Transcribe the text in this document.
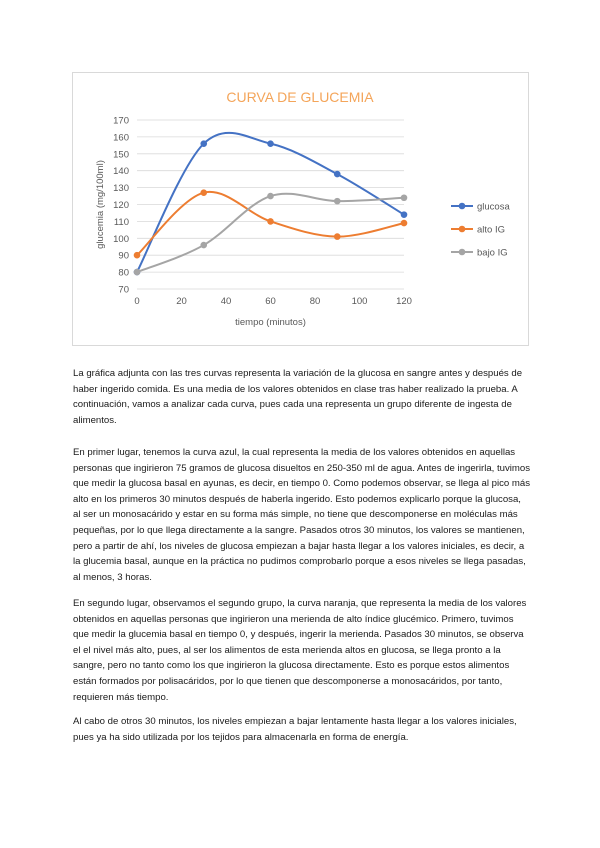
CURVA DE GLUCEMIA
70
80
90
100
110
120
130
140
150
160
170
0	20	40	60	80	100	120
tiempo (minutos)
glucemia (mg/100ml)	glucosa
alto IG
bajo IG

La gráfica adjunta con las tres curvas representa la variación de la glucosa en sangre antes y después de haber ingerido comida. Es una media de los valores obtenidos en clase tras haber realizado la prueba. A continuación, vamos a analizar cada curva, pues cada una representa un grupo diferente de ingesta de alimentos.

En primer lugar, tenemos la curva azul, la cual representa la media de los valores obtenidos en aquellas personas que ingirieron 75 gramos de glucosa disueltos en 250-350 ml de agua. Antes de ingerirla, tuvimos que medir la glucosa basal en ayunas, es decir, en tiempo 0. Como podemos observar, se llega al pico más alto en los primeros 30 minutos después de haberla ingerido. Esto podemos explicarlo porque la glucosa, al ser un monosacárido y estar en su forma más simple, no tiene que descomponerse en moléculas más pequeñas, por lo que llega directamente a la sangre. Pasados otros 30 minutos, los valores se mantienen, pero a partir de ahí, los niveles de glucosa empiezan a bajar hasta llegar a los valores iniciales, es decir, a la glucemia basal, aunque en la práctica no pudimos comprobarlo porque a esos niveles se llega pasadas, al menos, 3 horas.

En segundo lugar, observamos el segundo grupo, la curva naranja, que representa la media de los valores obtenidos en aquellas personas que ingirieron una merienda de alto índice glucémico. Primero, tuvimos que medir la glucemia basal en tiempo 0, y después, ingerir la merienda. Pasados 30 minutos, se observa el el nivel más alto, pues, al ser los alimentos de esta merienda altos en glucosa, se llega pronto a la sangre, pero no tanto como los que ingirieron la glucosa directamente. Esto es porque estos alimentos están formados por polisacáridos, por lo que tienen que descomponerse a monosacáridos, por tanto, requieren más tiempo.

Al cabo de otros 30 minutos, los niveles empiezan a bajar lentamente hasta llegar a los valores iniciales, pues ya ha sido utilizada por los tejidos para almacenarla en forma de energía.
